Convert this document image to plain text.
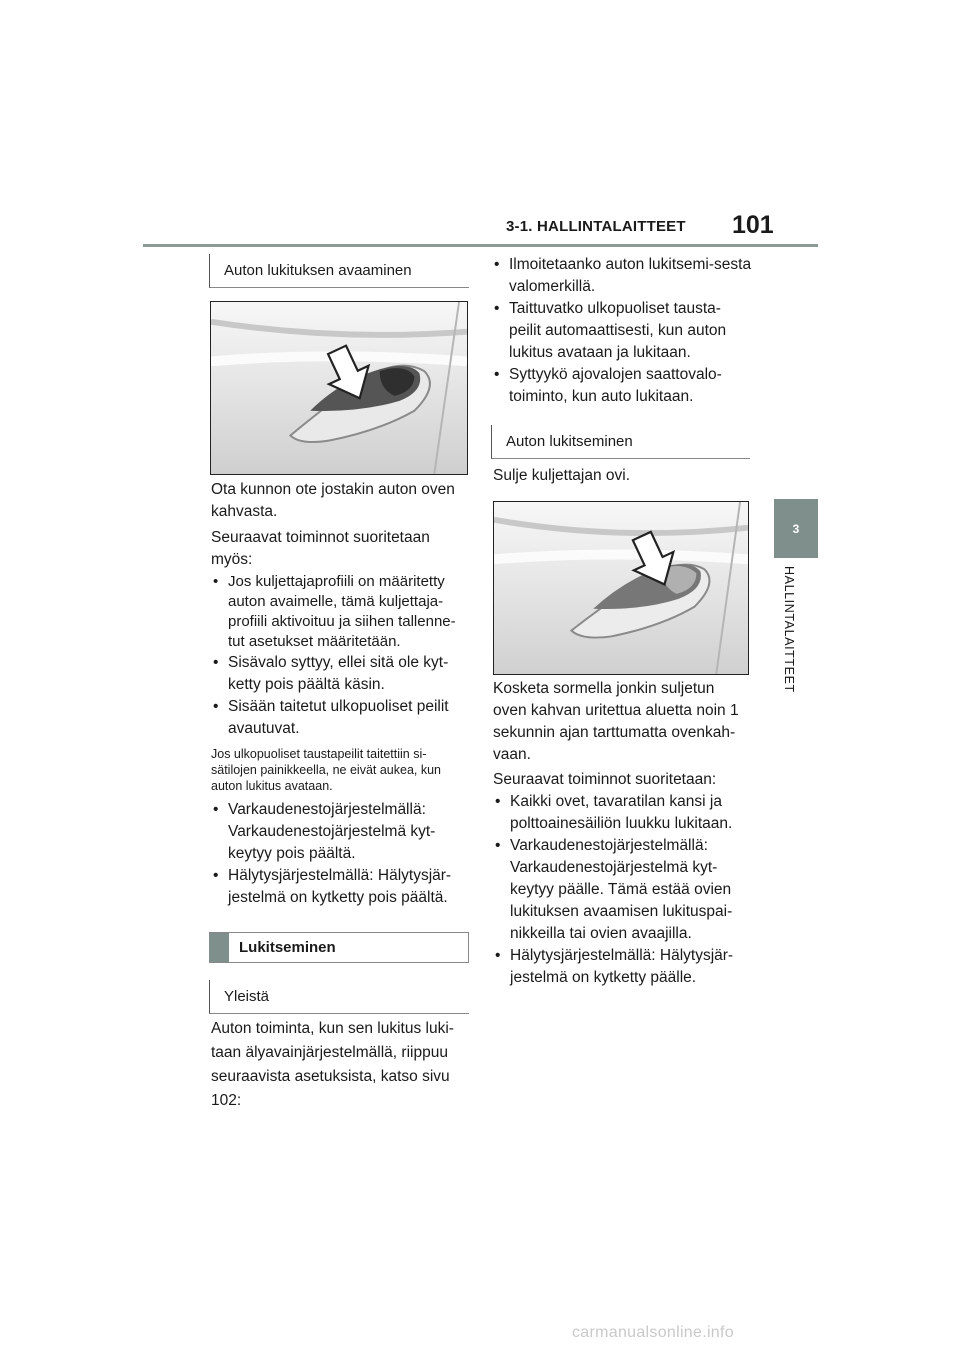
3-1. HALLINTALAITTEET 101
3
HALLINTALAITTEET
Auton lukituksen avaaminen
Ota kunnon ote jostakin auton oven kahvasta.
Seuraavat toiminnot suoritetaan myös:
• Jos kuljettajaprofiili on määritetty auton avaimelle, tämä kuljettaja-profiili aktivoituu ja siihen tallenne-tut asetukset määritetään.
• Sisävalo syttyy, ellei sitä ole kyt-ketty pois päältä käsin.
• Sisään taitetut ulkopuoliset peilit avautuvat.
Jos ulkopuoliset taustapeilit taitettiin si-sätilojen painikkeella, ne eivät aukea, kun auton lukitus avataan.
• Varkaudenestojärjestelmällä: Varkaudenestojärjestelmä kyt-keytyy pois päältä.
• Hälytysjärjestelmällä: Hälytysjär-jestelmä on kytketty pois päältä.
Lukitseminen
Yleistä
Auton toiminta, kun sen lukitus luki-taan älyavainjärjestelmällä, riippuu seuraavista asetuksista, katso sivu 102:
• Ilmoitetaanko auton lukitsemi-sesta valomerkillä.
• Taittuvatko ulkopuoliset tausta-peilit automaattisesti, kun auton lukitus avataan ja lukitaan.
• Syttyykö ajovalojen saattovalo-toiminto, kun auto lukitaan.
Auton lukitseminen
Sulje kuljettajan ovi.
Kosketa sormella jonkin suljetun oven kahvan uritettua aluetta noin 1 sekunnin ajan tarttumatta ovenkah-vaan.
Seuraavat toiminnot suoritetaan:
• Kaikki ovet, tavaratilan kansi ja polttoainesäiliön luukku lukitaan.
• Varkaudenestojärjestelmällä: Varkaudenestojärjestelmä kyt-keytyy päälle. Tämä estää ovien lukituksen avaamisen lukituspai-nikkeilla tai ovien avaajilla.
• Hälytysjärjestelmällä: Hälytysjär-jestelmä on kytketty päälle.
carmanualsonline.info
